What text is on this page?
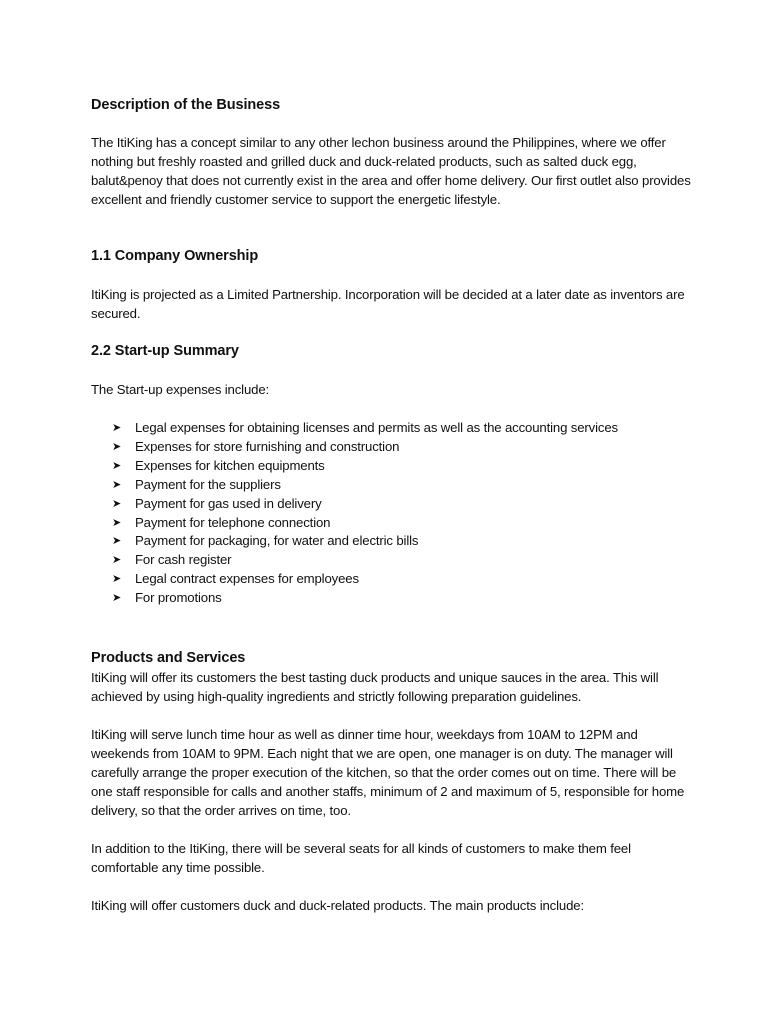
Description of the Business

The ItiKing has a concept similar to any other lechon business around the Philippines, where we offer nothing but freshly roasted and grilled duck and duck-related products, such as salted duck egg, balut&penoy that does not currently exist in the area and offer home delivery. Our first outlet also provides excellent and friendly customer service to support the energetic lifestyle.

1.1 Company Ownership

ItiKing is projected as a Limited Partnership. Incorporation will be decided at a later date as inventors are secured.

2.2 Start-up Summary

The Start-up expenses include:

➤ Legal expenses for obtaining licenses and permits as well as the accounting services
➤ Expenses for store furnishing and construction
➤ Expenses for kitchen equipments
➤ Payment for the suppliers
➤ Payment for gas used in delivery
➤ Payment for telephone connection
➤ Payment for packaging, for water and electric bills
➤ For cash register
➤ Legal contract expenses for employees
➤ For promotions
Products and Services

ItiKing will offer its customers the best tasting duck products and unique sauces in the area. This will achieved by using high-quality ingredients and strictly following preparation guidelines.

ItiKing will serve lunch time hour as well as dinner time hour, weekdays from 10AM to 12PM and weekends from 10AM to 9PM. Each night that we are open, one manager is on duty. The manager will carefully arrange the proper execution of the kitchen, so that the order comes out on time. There will be one staff responsible for calls and another staffs, minimum of 2 and maximum of 5, responsible for home delivery, so that the order arrives on time, too.

In addition to the ItiKing, there will be several seats for all kinds of customers to make them feel comfortable any time possible.

ItiKing will offer customers duck and duck-related products. The main products include:
